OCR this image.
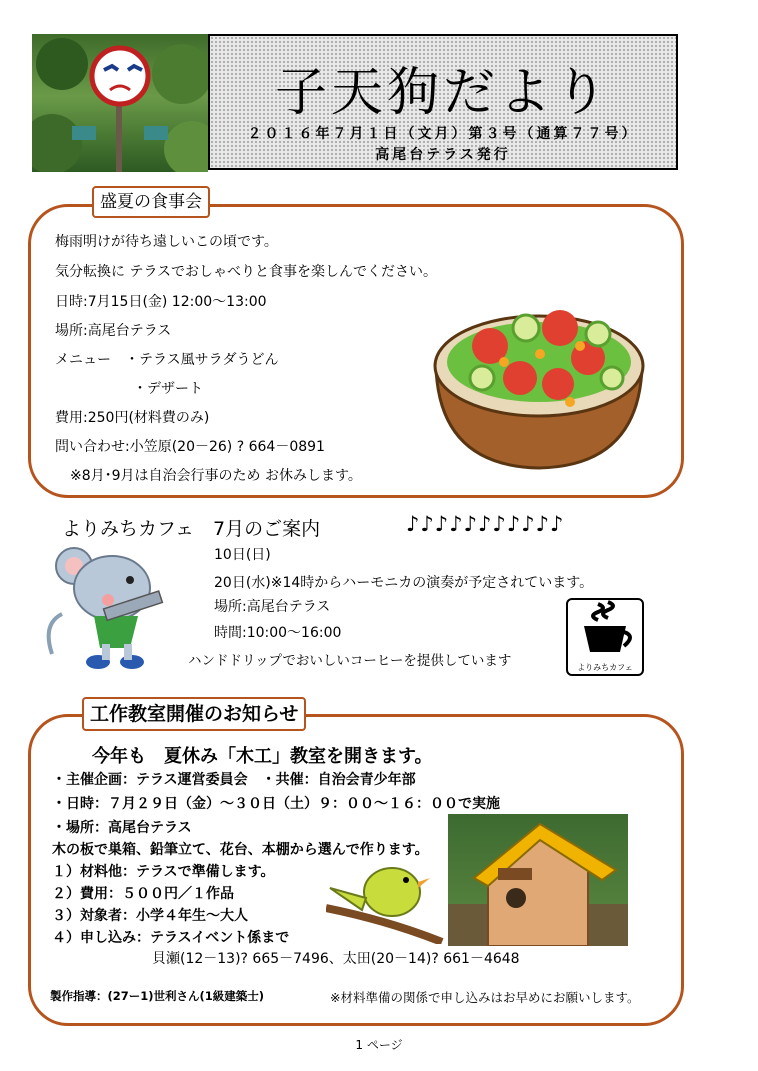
子天狗だより
２０１６年７月１日（文月）第３号（通算７７号）
高尾台テラス発行
盛夏の食事会
梅雨明けが待ち遠しいこの頃です。
気分転換に テラスでおしゃべりと食事を楽しんでください。
日時:7月15日(金) 12:00～13:00
場所:高尾台テラス
メニュー　・テラス風サラダうどん
・デザート
費用:250円(材料費のみ)
問い合わせ:小笠原(20－26) ? 664－0891
※8月･9月は自治会行事のため お休みします。
よりみちカフェ　7月のご案内	♪♪♪♪♪♪♪♪♪♪♪
10日(日)
20日(水)※14時からハーモニカの演奏が予定されています。
場所:高尾台テラス
時間:10:00～16:00
ハンドドリップでおいしいコーヒーを提供しています	よりみちカフェ
工作教室開催のお知らせ
今年も　夏休み「木工」教室を開きます。
・主催企画：テラス運営委員会　・共催：自治会青少年部
・日時：７月２９日（金）～３０日（土）９：００～１６：００で実施
・場所：高尾台テラス
木の板で巣箱、鉛筆立て、花台、本棚から選んで作ります。
１）材料他：テラスで準備します。
２）費用：５００円／１作品
３）対象者：小学４年生～大人
４）申し込み：テラスイベント係まで
貝瀬(12－13)? 665－7496、太田(20－14)? 661－4648
製作指導：(27ー1)世利さん(1級建築士)	※材料準備の関係で申し込みはお早めにお願いします。
1 ページ
